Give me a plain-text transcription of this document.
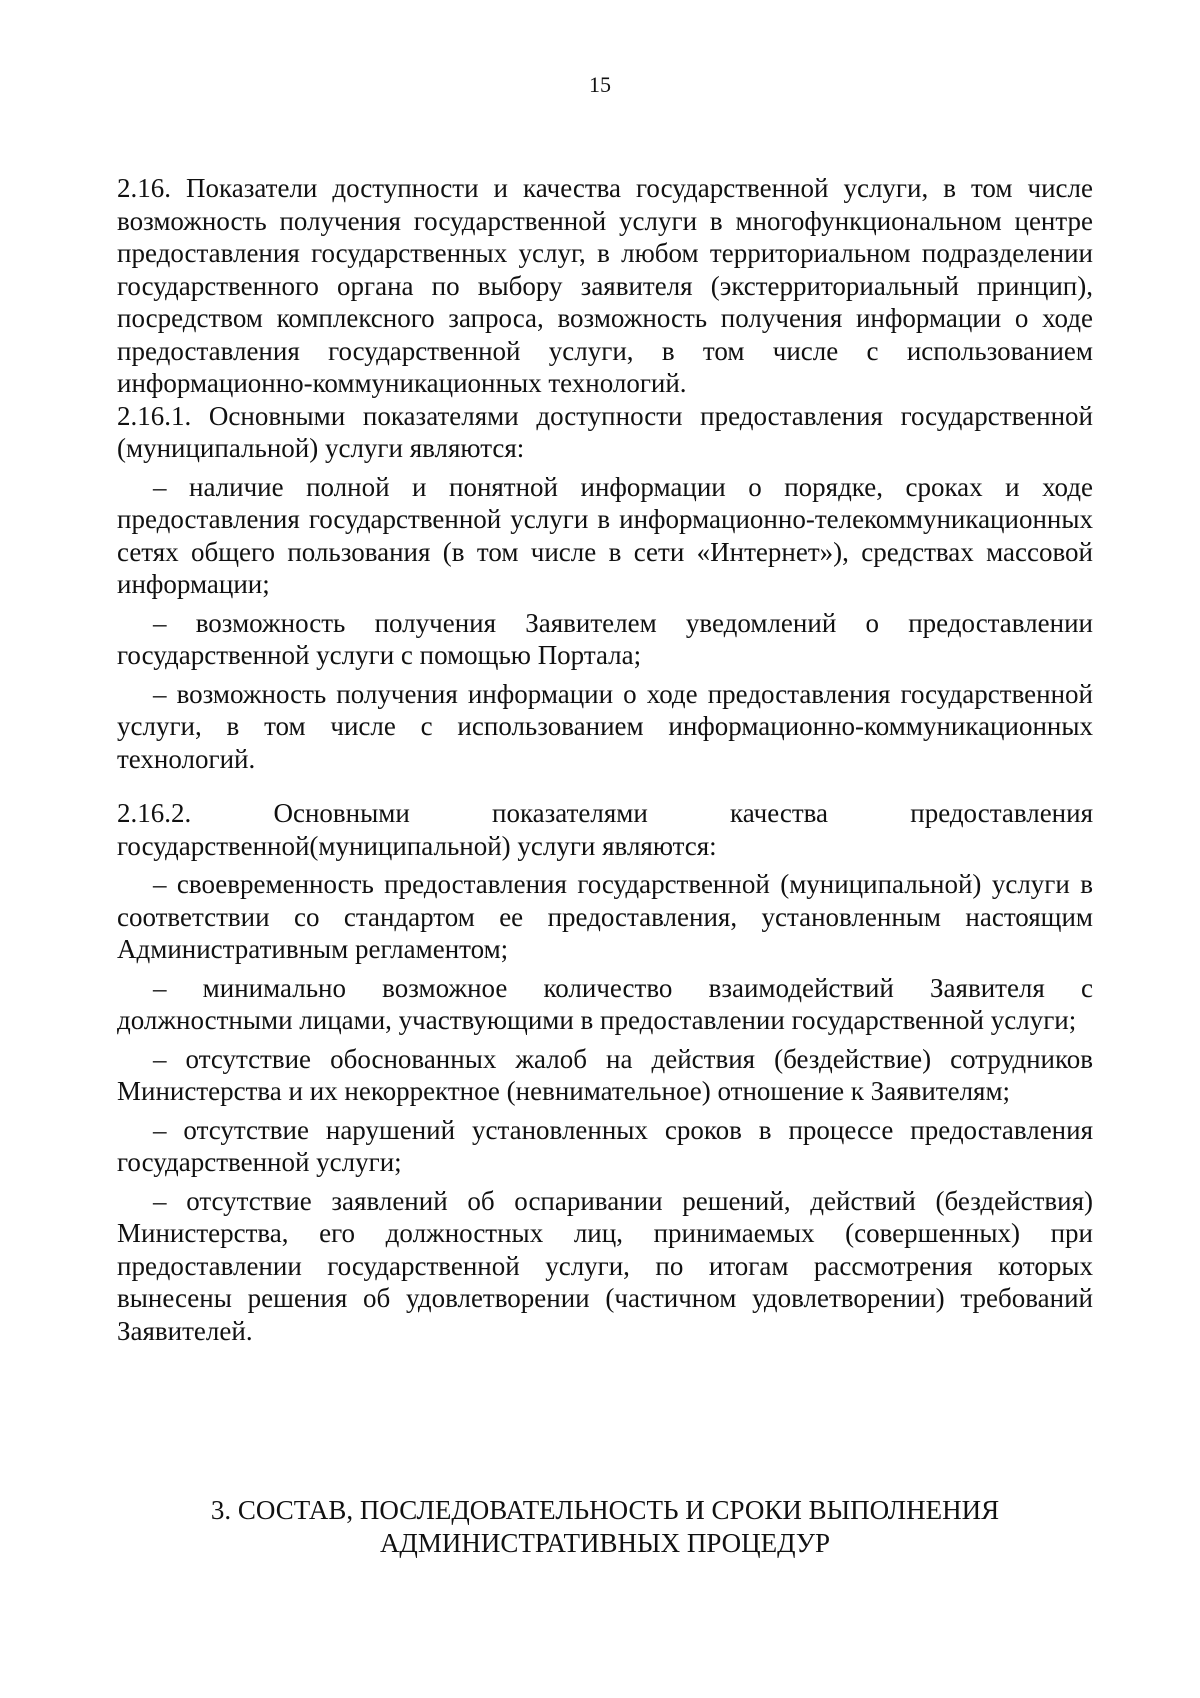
15

2.16. Показатели доступности и качества государственной услуги, в том числе возможность получения государственной услуги в многофункциональном центре предоставления государственных услуг, в любом территориальном подразделении государственного органа по выбору заявителя (экстерриториальный принцип), посредством комплексного запроса, возможность получения информации о ходе предоставления государственной услуги, в том числе с использованием информационно-коммуникационных технологий.

2.16.1. Основными показателями доступности предоставления государственной (муниципальной) услуги являются:

– наличие полной и понятной информации о порядке, сроках и ходе предоставления государственной услуги в информационно-телекоммуникационных сетях общего пользования (в том числе в сети «Интернет»), средствах массовой информации;

– возможность получения Заявителем уведомлений о предоставлении государственной услуги с помощью Портала;

– возможность получения информации о ходе предоставления государственной услуги, в том числе с использованием информационно-коммуникационных технологий.

2.16.2. Основными показателями качества предоставления государственной(муниципальной) услуги являются:

– своевременность предоставления государственной (муниципальной) услуги в соответствии со стандартом ее предоставления, установленным настоящим Административным регламентом;

– минимально возможное количество взаимодействий Заявителя с должностными лицами, участвующими в предоставлении государственной услуги;

– отсутствие обоснованных жалоб на действия (бездействие) сотрудников Министерства и их некорректное (невнимательное) отношение к Заявителям;

– отсутствие нарушений установленных сроков в процессе предоставления государственной услуги;

– отсутствие заявлений об оспаривании решений, действий (бездействия) Министерства, его должностных лиц, принимаемых (совершенных) при предоставлении государственной услуги, по итогам рассмотрения которых вынесены решения об удовлетворении (частичном удовлетворении) требований Заявителей.

3. СОСТАВ, ПОСЛЕДОВАТЕЛЬНОСТЬ И СРОКИ ВЫПОЛНЕНИЯ
АДМИНИСТРАТИВНЫХ ПРОЦЕДУР
